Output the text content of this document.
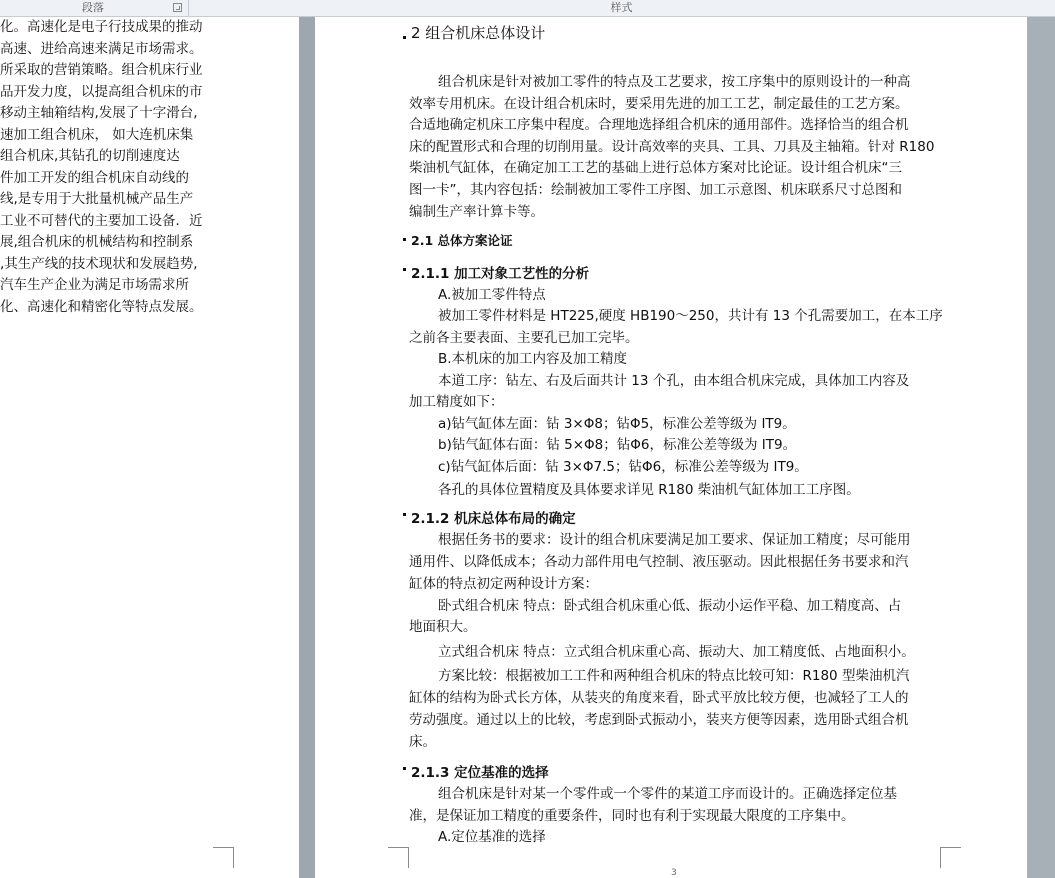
段落	样式
化。高速化是电子行技成果的推动
高速、进给高速来满足市场需求。
所采取的营销策略。组合机床行业
品开发力度，以提高组合机床的市
移动主轴箱结构,发展了十字滑台,
速加工组合机床， 如大连机床集
组合机床,其钻孔的切削速度达
件加工开发的组合机床自动线的
线,是专用于大批量机械产品生产
工业不可替代的主要加工设备．近
展,组合机床的机械结构和控制系
,其生产线的技术现状和发展趋势,
汽车生产企业为满足市场需求所
化、高速化和精密化等特点发展。
2 组合机床总体设计
组合机床是针对被加工零件的特点及工艺要求，按工序集中的原则设计的一种高
效率专用机床。在设计组合机床时，要采用先进的加工工艺，制定最佳的工艺方案。
合适地确定机床工序集中程度。合理地选择组合机床的通用部件。选择恰当的组合机
床的配置形式和合理的切削用量。设计高效率的夹具、工具、刀具及主轴箱。针对 R180
柴油机气缸体，在确定加工工艺的基础上进行总体方案对比论证。设计组合机床“三
图一卡”，其内容包括：绘制被加工零件工序图、加工示意图、机床联系尺寸总图和
编制生产率计算卡等。
2.1 总体方案论证
2.1.1 加工对象工艺性的分析
A.被加工零件特点
被加工零件材料是 HT225,硬度 HB190～250，共计有 13 个孔需要加工，在本工序
之前各主要表面、主要孔已加工完毕。
B.本机床的加工内容及加工精度
本道工序：钻左、右及后面共计 13 个孔，由本组合机床完成，具体加工内容及
加工精度如下：
a)钻气缸体左面：钻 3×Φ8；钻Φ5，标准公差等级为 IT9。
b)钻气缸体右面：钻 5×Φ8；钻Φ6，标准公差等级为 IT9。
c)钻气缸体后面：钻 3×Φ7.5；钻Φ6，标准公差等级为 IT9。
各孔的具体位置精度及具体要求详见 R180 柴油机气缸体加工工序图。
2.1.2 机床总体布局的确定
根据任务书的要求：设计的组合机床要满足加工要求、保证加工精度；尽可能用
通用件、以降低成本；各动力部件用电气控制、液压驱动。因此根据任务书要求和汽
缸体的特点初定两种设计方案：
卧式组合机床 特点：卧式组合机床重心低、振动小运作平稳、加工精度高、占
地面积大。
立式组合机床 特点：立式组合机床重心高、振动大、加工精度低、占地面积小。
方案比较：根据被加工工件和两种组合机床的特点比较可知：R180 型柴油机汽
缸体的结构为卧式长方体，从装夹的角度来看，卧式平放比较方便，也减轻了工人的
劳动强度。通过以上的比较，考虑到卧式振动小，装夹方便等因素，选用卧式组合机
床。
2.1.3 定位基准的选择
组合机床是针对某一个零件或一个零件的某道工序而设计的。正确选择定位基
准，是保证加工精度的重要条件，同时也有利于实现最大限度的工序集中。
A.定位基准的选择
3
